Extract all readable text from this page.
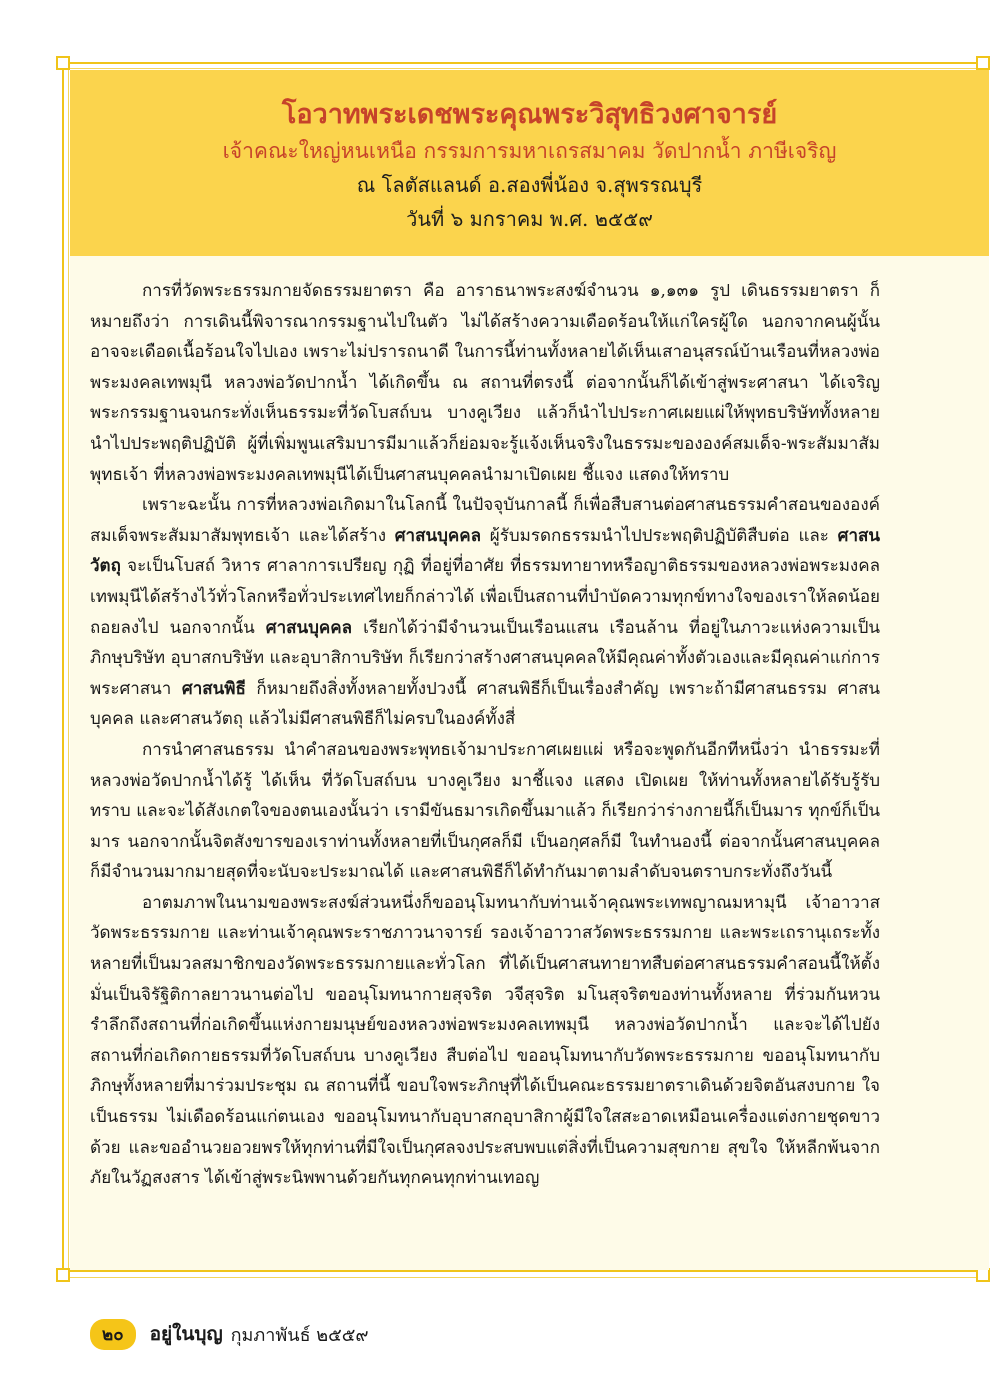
โอวาทพระเดชพระคุณพระวิสุทธิวงศาจารย์

เจ้าคณะใหญ่หนเหนือ กรรมการมหาเถรสมาคม วัดปากน้ำ ภาษีเจริญ

ณ โลตัสแลนด์ อ.สองพี่น้อง จ.สุพรรณบุรี

วันที่ ๖ มกราคม พ.ศ. ๒๕๕๙

การที่วัดพระธรรมกายจัดธรรมยาตรา คือ อาราธนาพระสงฆ์จำนวน ๑,๑๓๑ รูป เดินธรรมยาตรา ก็หมายถึงว่า การเดินนี้พิจารณากรรมฐานไปในตัว ไม่ได้สร้างความเดือดร้อนให้แก่ใครผู้ใด นอกจากคนผู้นั้นอาจจะเดือดเนื้อร้อนใจไปเอง เพราะไม่ปรารถนาดี ในการนี้ท่านทั้งหลายได้เห็นเสาอนุสรณ์บ้านเรือนที่หลวงพ่อพระมงคลเทพมุนี หลวงพ่อวัดปากน้ำ ได้เกิดขึ้น ณ สถานที่ตรงนี้ ต่อจากนั้นก็ได้เข้าสู่พระศาสนา ได้เจริญพระกรรมฐานจนกระทั่งเห็นธรรมะที่วัดโบสถ์บน บางคูเวียง แล้วก็นำไปประกาศเผยแผ่ให้พุทธบริษัททั้งหลายนำไปประพฤติปฏิบัติ ผู้ที่เพิ่มพูนเสริมบารมีมาแล้วก็ย่อมจะรู้แจ้งเห็นจริงในธรรมะขององค์สมเด็จ-พระสัมมาสัมพุทธเจ้า ที่หลวงพ่อพระมงคลเทพมุนีได้เป็นศาสนบุคคลนำมาเปิดเผย ชี้แจง แสดงให้ทราบ

เพราะฉะนั้น การที่หลวงพ่อเกิดมาในโลกนี้ ในปัจจุบันกาลนี้ ก็เพื่อสืบสานต่อศาสนธรรมคำสอนขององค์สมเด็จพระสัมมาสัมพุทธเจ้า และได้สร้าง ศาสนบุคคล ผู้รับมรดกธรรมนำไปประพฤติปฏิบัติสืบต่อ และ ศาสนวัตถุ จะเป็นโบสถ์ วิหาร ศาลาการเปรียญ กุฏิ ที่อยู่ที่อาศัย ที่ธรรมทายาทหรือญาติธรรมของหลวงพ่อพระมงคลเทพมุนีได้สร้างไว้ทั่วโลกหรือทั่วประเทศไทยก็กล่าวได้ เพื่อเป็นสถานที่บำบัดความทุกข์ทางใจของเราให้ลดน้อยถอยลงไป นอกจากนั้น ศาสนบุคคล เรียกได้ว่ามีจำนวนเป็นเรือนแสน เรือนล้าน ที่อยู่ในภาวะแห่งความเป็นภิกษุบริษัท อุบาสกบริษัท และอุบาสิกาบริษัท ก็เรียกว่าสร้างศาสนบุคคลให้มีคุณค่าทั้งตัวเองและมีคุณค่าแก่การพระศาสนา ศาสนพิธี ก็หมายถึงสิ่งทั้งหลายทั้งปวงนี้ ศาสนพิธีก็เป็นเรื่องสำคัญ เพราะถ้ามีศาสนธรรม ศาสนบุคคล และศาสนวัตถุ แล้วไม่มีศาสนพิธีก็ไม่ครบในองค์ทั้งสี่

การนำศาสนธรรม นำคำสอนของพระพุทธเจ้ามาประกาศเผยแผ่ หรือจะพูดกันอีกทีหนึ่งว่า นำธรรมะที่หลวงพ่อวัดปากน้ำได้รู้ ได้เห็น ที่วัดโบสถ์บน บางคูเวียง มาชี้แจง แสดง เปิดเผย ให้ท่านทั้งหลายได้รับรู้รับทราบ และจะได้สังเกตใจของตนเองนั้นว่า เรามีขันธมารเกิดขึ้นมาแล้ว ก็เรียกว่าร่างกายนี้ก็เป็นมาร ทุกข์ก็เป็นมาร นอกจากนั้นจิตสังขารของเราท่านทั้งหลายที่เป็นกุศลก็มี เป็นอกุศลก็มี ในทำนองนี้ ต่อจากนั้นศาสนบุคคลก็มีจำนวนมากมายสุดที่จะนับจะประมาณได้ และศาสนพิธีก็ได้ทำกันมาตามลำดับจนตราบกระทั่งถึงวันนี้

อาตมภาพในนามของพระสงฆ์ส่วนหนึ่งก็ขออนุโมทนากับท่านเจ้าคุณพระเทพญาณมหามุนี เจ้าอาวาสวัดพระธรรมกาย และท่านเจ้าคุณพระราชภาวนาจารย์ รองเจ้าอาวาสวัดพระธรรมกาย และพระเถรานุเถระทั้งหลายที่เป็นมวลสมาชิกของวัดพระธรรมกายและทั่วโลก ที่ได้เป็นศาสนทายาทสืบต่อศาสนธรรมคำสอนนี้ให้ตั้งมั่นเป็นจิรัฐิติกาลยาวนานต่อไป ขออนุโมทนากายสุจริต วจีสุจริต มโนสุจริตของท่านทั้งหลาย ที่ร่วมกันหวนรำลึกถึงสถานที่ก่อเกิดขึ้นแห่งกายมนุษย์ของหลวงพ่อพระมงคลเทพมุนี หลวงพ่อวัดปากน้ำ และจะได้ไปยังสถานที่ก่อเกิดกายธรรมที่วัดโบสถ์บน บางคูเวียง สืบต่อไป ขออนุโมทนากับวัดพระธรรมกาย ขออนุโมทนากับภิกษุทั้งหลายที่มาร่วมประชุม ณ สถานที่นี้ ขอบใจพระภิกษุที่ได้เป็นคณะธรรมยาตราเดินด้วยจิตอันสงบกาย ใจเป็นธรรม ไม่เดือดร้อนแก่ตนเอง ขออนุโมทนากับอุบาสกอุบาสิกาผู้มีใจใสสะอาดเหมือนเครื่องแต่งกายชุดขาวด้วย และขออำนวยอวยพรให้ทุกท่านที่มีใจเป็นกุศลจงประสบพบแต่สิ่งที่เป็นความสุขกาย สุขใจ ให้หลีกพ้นจากภัยในวัฏสงสาร ได้เข้าสู่พระนิพพานด้วยกันทุกคนทุกท่านเทอญ

๒๐	อยู่ในบุญ กุมภาพันธ์ ๒๕๕๙
